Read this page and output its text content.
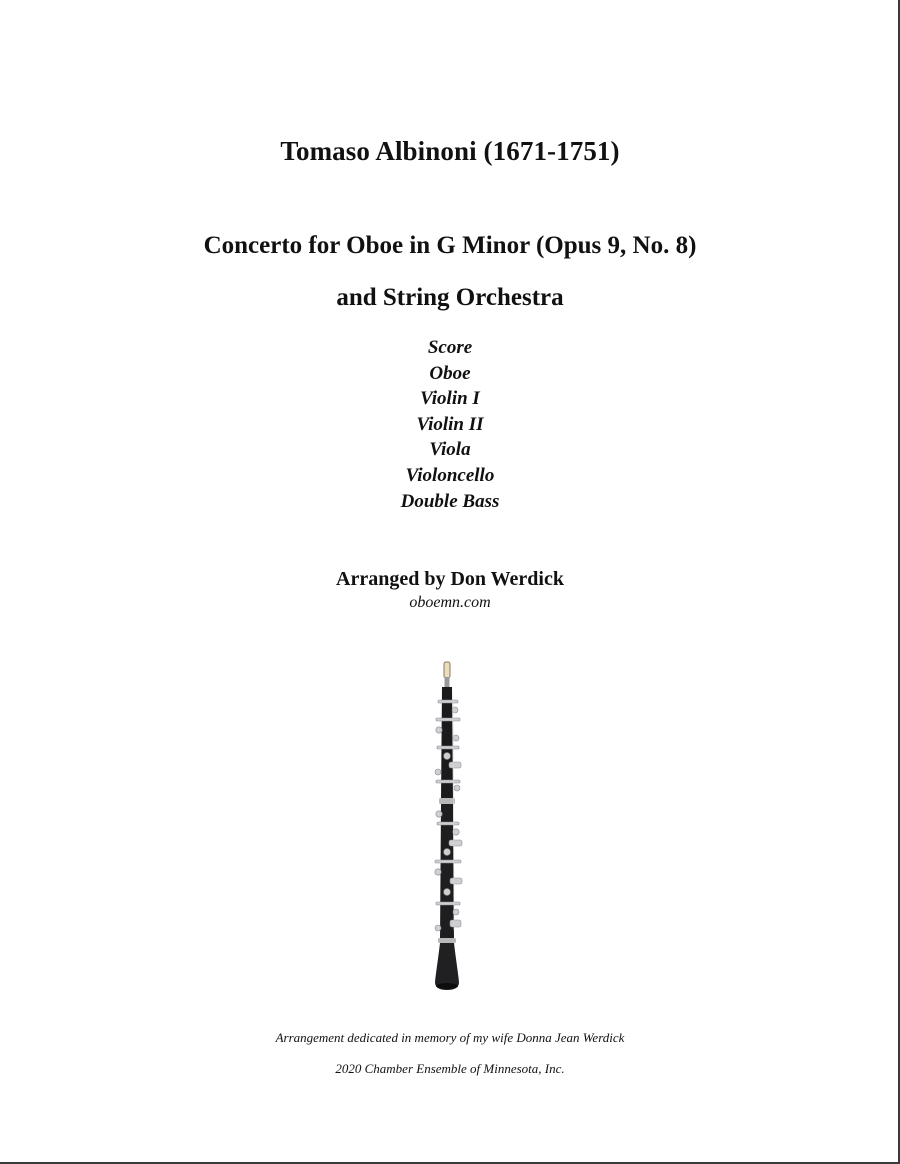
Tomaso Albinoni (1671-1751)
Concerto for Oboe in G Minor (Opus 9, No. 8)
and String Orchestra
Score
Oboe
Violin I
Violin II
Viola
Violoncello
Double Bass
Arranged by Don Werdick
oboemn.com
Arrangement dedicated in memory of my wife Donna Jean Werdick
2020 Chamber Ensemble of Minnesota, Inc.
